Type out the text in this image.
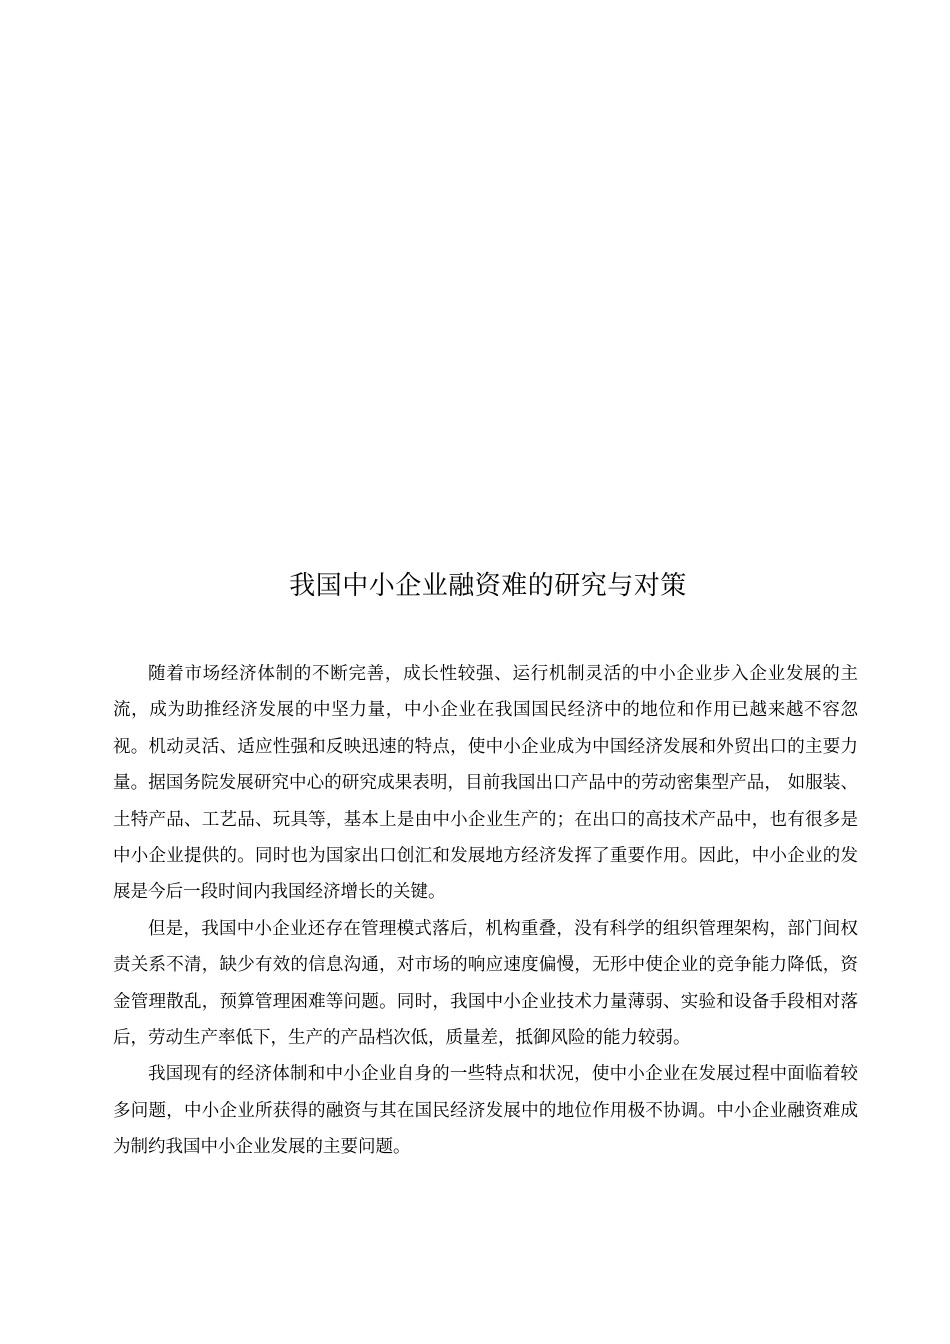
我国中小企业融资难的研究与对策

随着市场经济体制的不断完善，成长性较强、运行机制灵活的中小企业步入企业发展的主流，成为助推经济发展的中坚力量，中小企业在我国国民经济中的地位和作用已越来越不容忽视。机动灵活、适应性强和反映迅速的特点，使中小企业成为中国经济发展和外贸出口的主要力量。据国务院发展研究中心的研究成果表明，目前我国出口产品中的劳动密集型产品， 如服装、土特产品、工艺品、玩具等，基本上是由中小企业生产的；在出口的高技术产品中，也有很多是中小企业提供的。同时也为国家出口创汇和发展地方经济发挥了重要作用。因此，中小企业的发展是今后一段时间内我国经济增长的关键。

但是，我国中小企业还存在管理模式落后，机构重叠，没有科学的组织管理架构，部门间权责关系不清，缺少有效的信息沟通，对市场的响应速度偏慢，无形中使企业的竞争能力降低，资金管理散乱，预算管理困难等问题。同时，我国中小企业技术力量薄弱、实验和设备手段相对落后，劳动生产率低下，生产的产品档次低，质量差，抵御风险的能力较弱。

我国现有的经济体制和中小企业自身的一些特点和状况，使中小企业在发展过程中面临着较多问题，中小企业所获得的融资与其在国民经济发展中的地位作用极不协调。中小企业融资难成为制约我国中小企业发展的主要问题。
